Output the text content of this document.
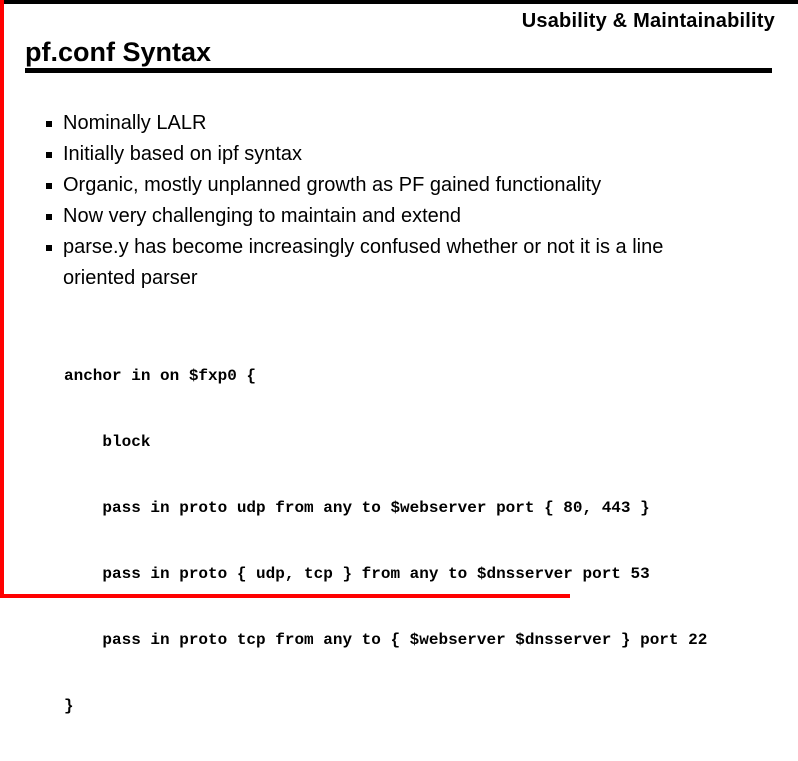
Usability & Maintainability
pf.conf Syntax
Nominally LALR
Initially based on ipf syntax
Organic, mostly unplanned growth as PF gained functionality
Now very challenging to maintain and extend
parse.y has become increasingly confused whether or not it is a line oriented parser

anchor in on $fxp0 {

block

pass in proto udp from any to $webserver port { 80, 443 }

pass in proto { udp, tcp } from any to $dnsserver port 53

pass in proto tcp from any to { $webserver $dnsserver } port 22

}
